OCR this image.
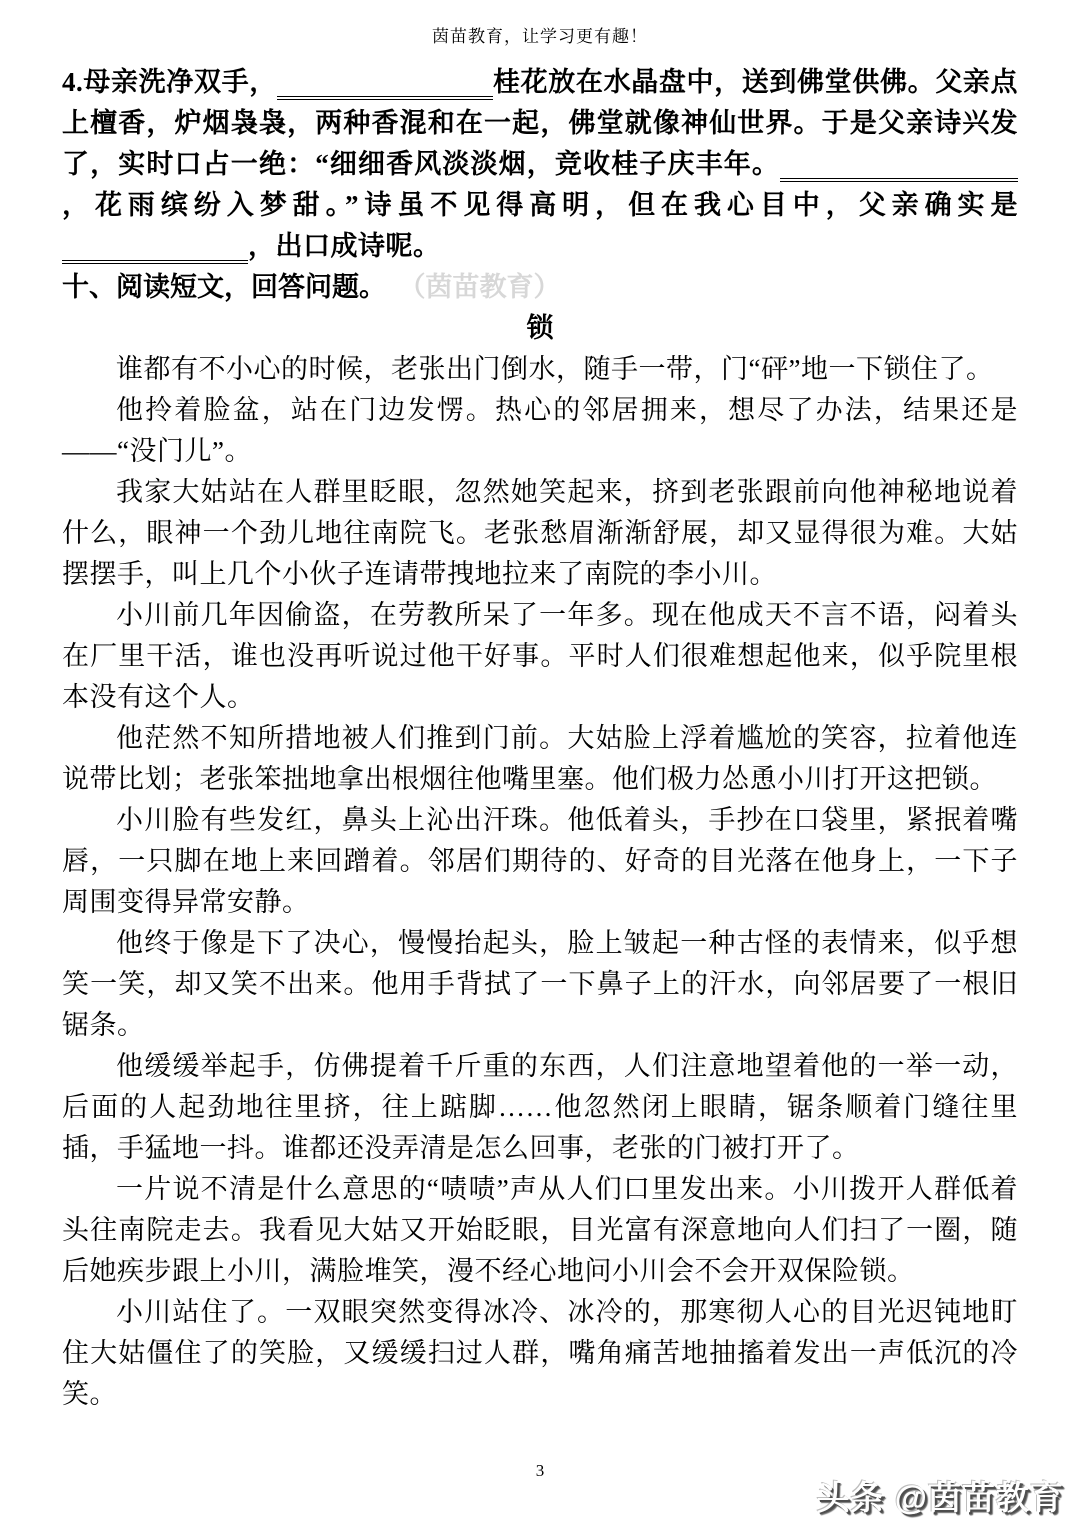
茵苗教育，让学习更有趣！

4.母亲洗净双手，	桂花放在水晶盘中，送到佛堂供佛。父亲点上檀香，炉烟袅袅，两种香混和在一起，佛堂就像神仙世界。于是父亲诗兴发了，实时口占一绝：“细细香风淡淡烟，竞收桂子庆丰年。，花雨缤纷入梦甜。”诗虽不见得高明，但在我心目中，父亲确实是，出口成诗呢。

十、阅读短文，回答问题。 （茵苗教育）

锁

谁都有不小心的时候，老张出门倒水，随手一带，门“砰”地一下锁住了。

他拎着脸盆，站在门边发愣。热心的邻居拥来，想尽了办法，结果还是——“没门儿”。

我家大姑站在人群里眨眼，忽然她笑起来，挤到老张跟前向他神秘地说着什么，眼神一个劲儿地往南院飞。老张愁眉渐渐舒展，却又显得很为难。大姑摆摆手，叫上几个小伙子连请带拽地拉来了南院的李小川。

小川前几年因偷盗，在劳教所呆了一年多。现在他成天不言不语，闷着头在厂里干活，谁也没再听说过他干好事。平时人们很难想起他来，似乎院里根本没有这个人。

他茫然不知所措地被人们推到门前。大姑脸上浮着尴尬的笑容，拉着他连说带比划；老张笨拙地拿出根烟往他嘴里塞。他们极力怂恿小川打开这把锁。

小川脸有些发红，鼻头上沁出汗珠。他低着头，手抄在口袋里，紧抿着嘴唇，一只脚在地上来回蹭着。邻居们期待的、好奇的目光落在他身上，一下子周围变得异常安静。

他终于像是下了决心，慢慢抬起头，脸上皱起一种古怪的表情来，似乎想笑一笑，却又笑不出来。他用手背拭了一下鼻子上的汗水，向邻居要了一根旧锯条。

他缓缓举起手，仿佛提着千斤重的东西，人们注意地望着他的一举一动，后面的人起劲地往里挤，往上踮脚……他忽然闭上眼睛，锯条顺着门缝往里插，手猛地一抖。谁都还没弄清是怎么回事，老张的门被打开了。

一片说不清是什么意思的“啧啧”声从人们口里发出来。小川拨开人群低着头往南院走去。我看见大姑又开始眨眼，目光富有深意地向人们扫了一圈，随后她疾步跟上小川，满脸堆笑，漫不经心地问小川会不会开双保险锁。

小川站住了。一双眼突然变得冰冷、冰冷的，那寒彻人心的目光迟钝地盯住大姑僵住了的笑脸，又缓缓扫过人群，嘴角痛苦地抽搐着发出一声低沉的冷笑。

3
头条 @茵苗教育
